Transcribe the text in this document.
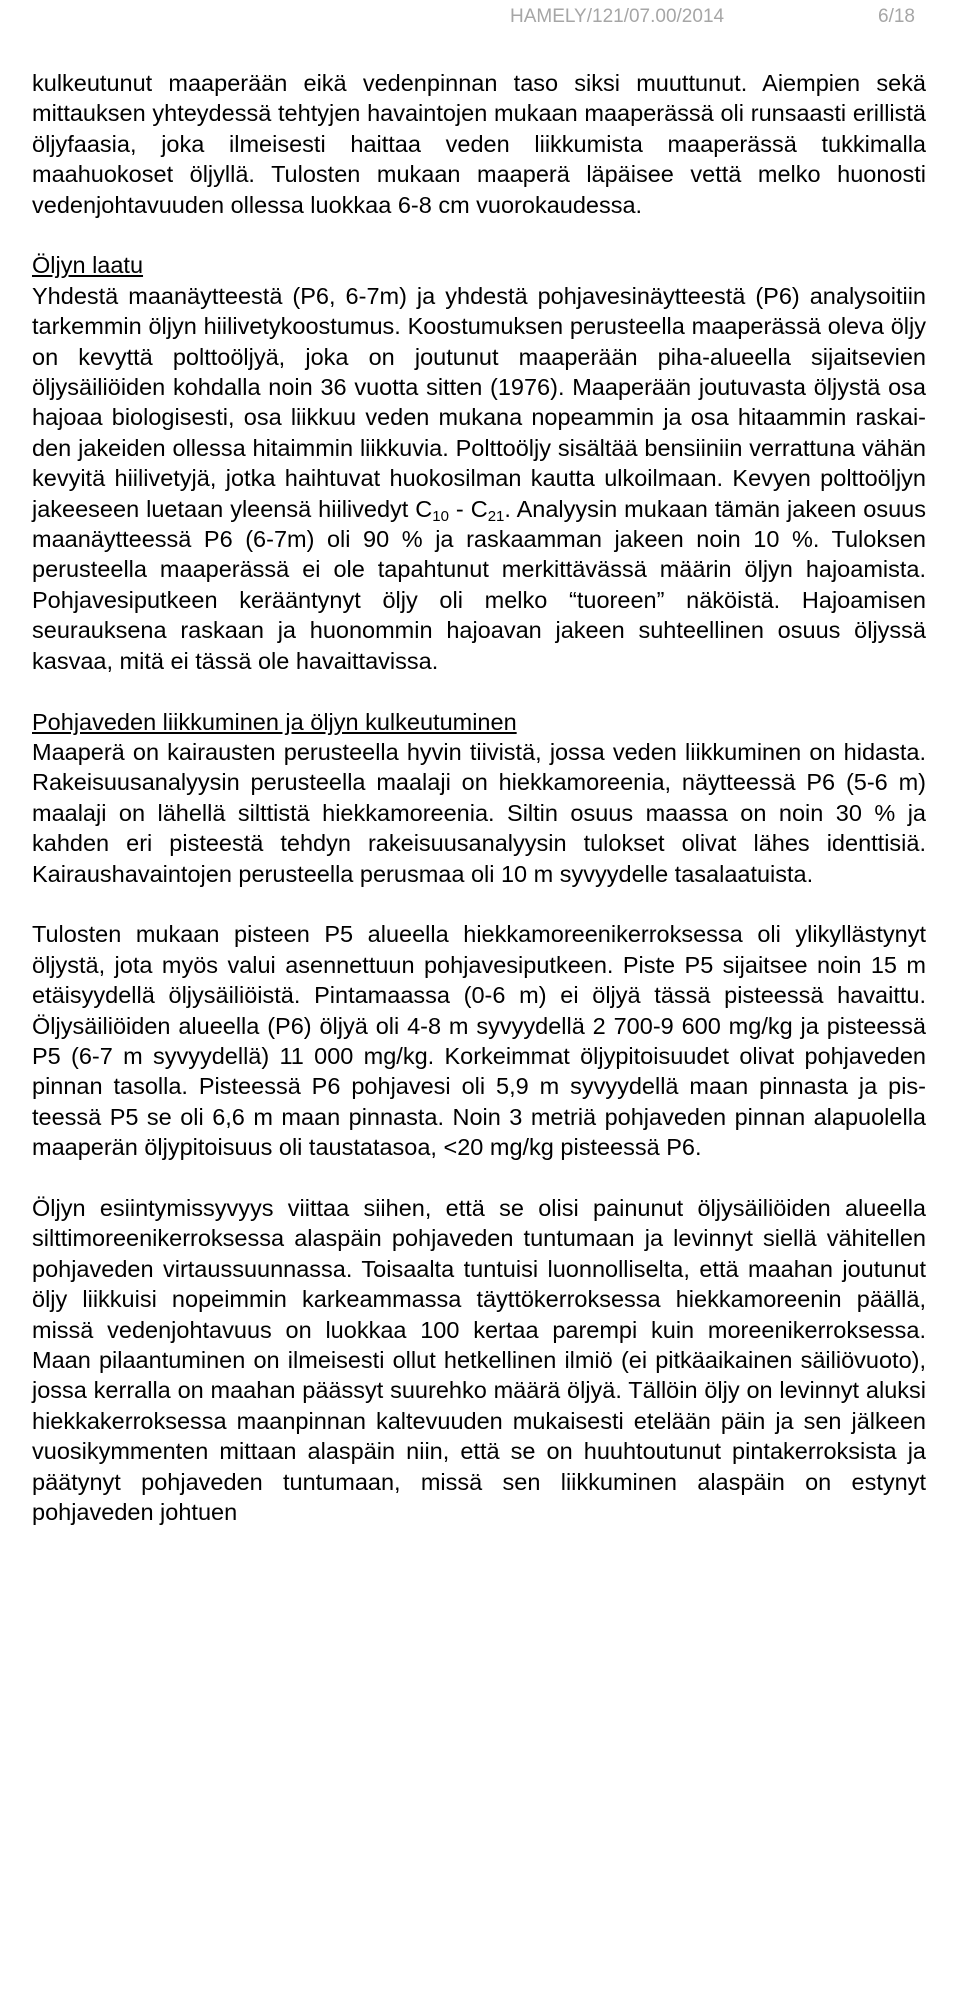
HAMELY/121/07.00/2014	6/18

kulkeutunut maaperään eikä vedenpinnan taso siksi muuttunut. Aiempien sekä mittauksen yhteydessä tehtyjen havaintojen mukaan maaperässä oli runsaasti erillistä öljyfaasia, joka ilmeisesti haittaa veden liikkumista maaperässä tukkimalla maahuokoset öljyllä. Tulosten mukaan maaperä läpäisee vettä melko huonosti vedenjohtavuuden ollessa luokkaa 6-8 cm vuorokaudessa.

Öljyn laatu

Yhdestä maanäytteestä (P6, 6-7m) ja yhdestä pohjavesinäytteestä (P6) analysoitiin tarkemmin öljyn hiilivetykoostumus. Koostumuksen perusteella maaperässä oleva öljy on kevyttä polttoöljyä, joka on joutunut maaperään piha-alueella sijaitsevien öljysäiliöiden kohdalla noin 36 vuotta sitten (1976). Maaperään joutuvasta öljystä osa hajoaa biologisesti, osa liikkuu veden mukana nopeammin ja osa hitaammin raskaiden jakeiden ollessa hitaimmin liikkuvia. Polttoöljy sisältää bensiiniin verrattuna vähän kevyitä hiilivetyjä, jotka haihtuvat huokosilman kautta ulkoilmaan. Kevyen polttoöljyn jakeeseen luetaan yleensä hiilivedyt $C_{10} - C_{21}$. Analyysin mukaan tämän jakeen osuus maanäytteessä P6 (6-7m) oli 90 % ja raskaamman jakeen noin 10 %. Tuloksen perusteella maaperässä ei ole tapahtunut merkittävässä määrin öljyn hajoamista. Pohjavesiputkeen kerääntynyt öljy oli melko “tuoreen” näköistä. Hajoamisen seurauksena raskaan ja huonommin hajoavan jakeen suhteellinen osuus öljyssä kasvaa, mitä ei tässä ole havaittavissa.

Pohjaveden liikkuminen ja öljyn kulkeutuminen

Maaperä on kairausten perusteella hyvin tiivistä, jossa veden liikkuminen on hidasta. Rakeisuusanalyysin perusteella maalaji on hiekkamoreenia, näytteessä P6 (5-6 m) maalaji on lähellä silttistä hiekkamoreenia. Siltin osuus maassa on noin 30 % ja kahden eri pisteestä tehdyn rakeisuusanalyysin tulokset olivat lähes identtisiä. Kairaushavaintojen perusteella perusmaa oli 10 m syvyydelle tasalaatuista.

Tulosten mukaan pisteen P5 alueella hiekkamoreenikerroksessa oli ylikyllästynyt öljystä, jota myös valui asennettuun pohjavesiputkeen. Piste P5 sijaitsee noin 15 m etäisyydellä öljysäiliöistä. Pintamaassa (0-6 m) ei öljyä tässä pisteessä havaittu. Öljysäiliöiden alueella (P6) öljyä oli 4-8 m syvyydellä 2 700-9 600 mg/kg ja pisteessä P5 (6-7 m syvyydellä) 11 000 mg/kg. Korkeimmat öljypitoisuudet olivat pohjaveden pinnan tasolla. Pisteessä P6 pohjavesi oli 5,9 m syvyydellä maan pinnasta ja pisteessä P5 se oli 6,6 m maan pinnasta. Noin 3 metriä pohjaveden pinnan alapuolella maaperän öljypitoisuus oli taustatasoa, <20 mg/kg pisteessä P6.

Öljyn esiintymissyvyys viittaa siihen, että se olisi painunut öljysäiliöiden alueella silttimoreenikerroksessa alaspäin pohjaveden tuntumaan ja levinnyt siellä vähitellen pohjaveden virtaussuunnassa. Toisaalta tuntuisi luonnolliselta, että maahan joutunut öljy liikkuisi nopeimmin karkeammassa täyttökerroksessa hiekkamoreenin päällä, missä vedenjohtavuus on luokkaa 100 kertaa parempi kuin moreenikerroksessa. Maan pilaantuminen on ilmeisesti ollut hetkellinen ilmiö (ei pitkäaikainen säiliövuoto), jossa kerralla on maahan päässyt suurehko määrä öljyä. Tällöin öljy on levinnyt aluksi hiekkakerroksessa maanpinnan kaltevuuden mukaisesti etelään päin ja sen jälkeen vuosikymmenten mittaan alaspäin niin, että se on huuhtoutunut pintakerroksista ja päätynyt pohjaveden tuntumaan, missä sen liikkuminen alaspäin on estynyt pohjaveden johtuen
